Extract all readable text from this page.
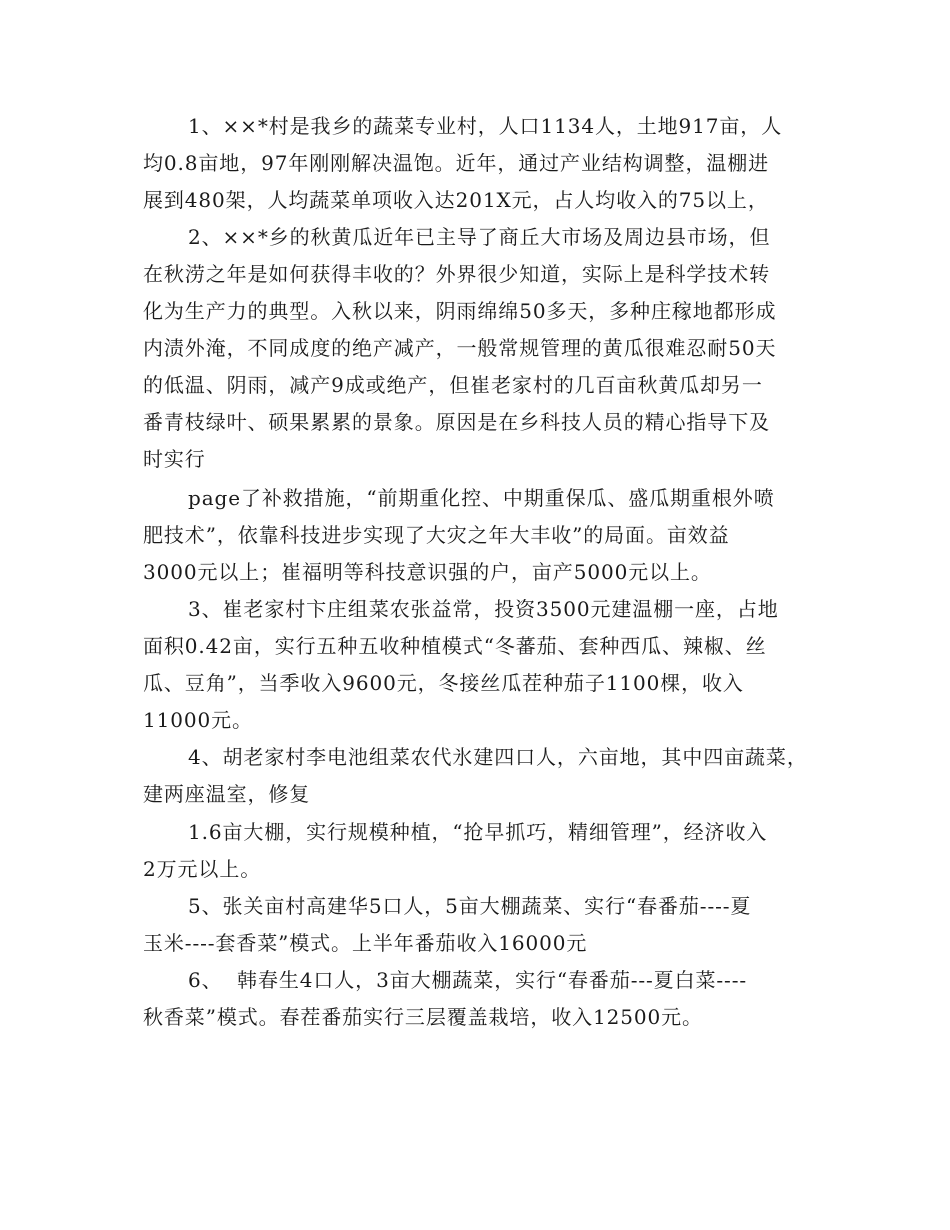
1、××*村是我乡的蔬菜专业村，人口1134人，土地917亩，人
均0.8亩地，97年刚刚解决温饱。近年，通过产业结构调整，温棚进
展到480架，人均蔬菜单项收入达201X元，占人均收入的75以上，
2、××*乡的秋黄瓜近年已主导了商丘大市场及周边县市场，但
在秋涝之年是如何获得丰收的？外界很少知道，实际上是科学技术转
化为生产力的典型。入秋以来，阴雨绵绵50多天，多种庄稼地都形成
内渍外淹，不同成度的绝产减产，一般常规管理的黄瓜很难忍耐50天
的低温、阴雨，减产9成或绝产，但崔老家村的几百亩秋黄瓜却另一
番青枝绿叶、硕果累累的景象。原因是在乡科技人员的精心指导下及
时实行
page了补救措施，“前期重化控、中期重保瓜、盛瓜期重根外喷
肥技术”，依靠科技进步实现了大灾之年大丰收”的局面。亩效益
3000元以上；崔福明等科技意识强的户，亩产5000元以上。
3、崔老家村卞庄组菜农张益常，投资3500元建温棚一座，占地
面积0.42亩，实行五种五收种植模式“冬蕃茄、套种西瓜、辣椒、丝
瓜、豆角”，当季收入9600元，冬接丝瓜茬种茄子1100棵，收入
11000元。
4、胡老家村李电池组菜农代氷建四口人，六亩地，其中四亩蔬菜，
建两座温室，修复
1.6亩大棚，实行规模种植，“抢早抓巧，精细管理”，经济收入
2万元以上。
5、张关亩村高建华5口人，5亩大棚蔬菜、实行“春番茄----夏
玉米----套香菜”模式。上半年番茄收入16000元
6、  韩春生4口人，3亩大棚蔬菜，实行“春番茄---夏白菜----
秋香菜”模式。春茬番茄实行三层覆盖栽培，收入12500元。
